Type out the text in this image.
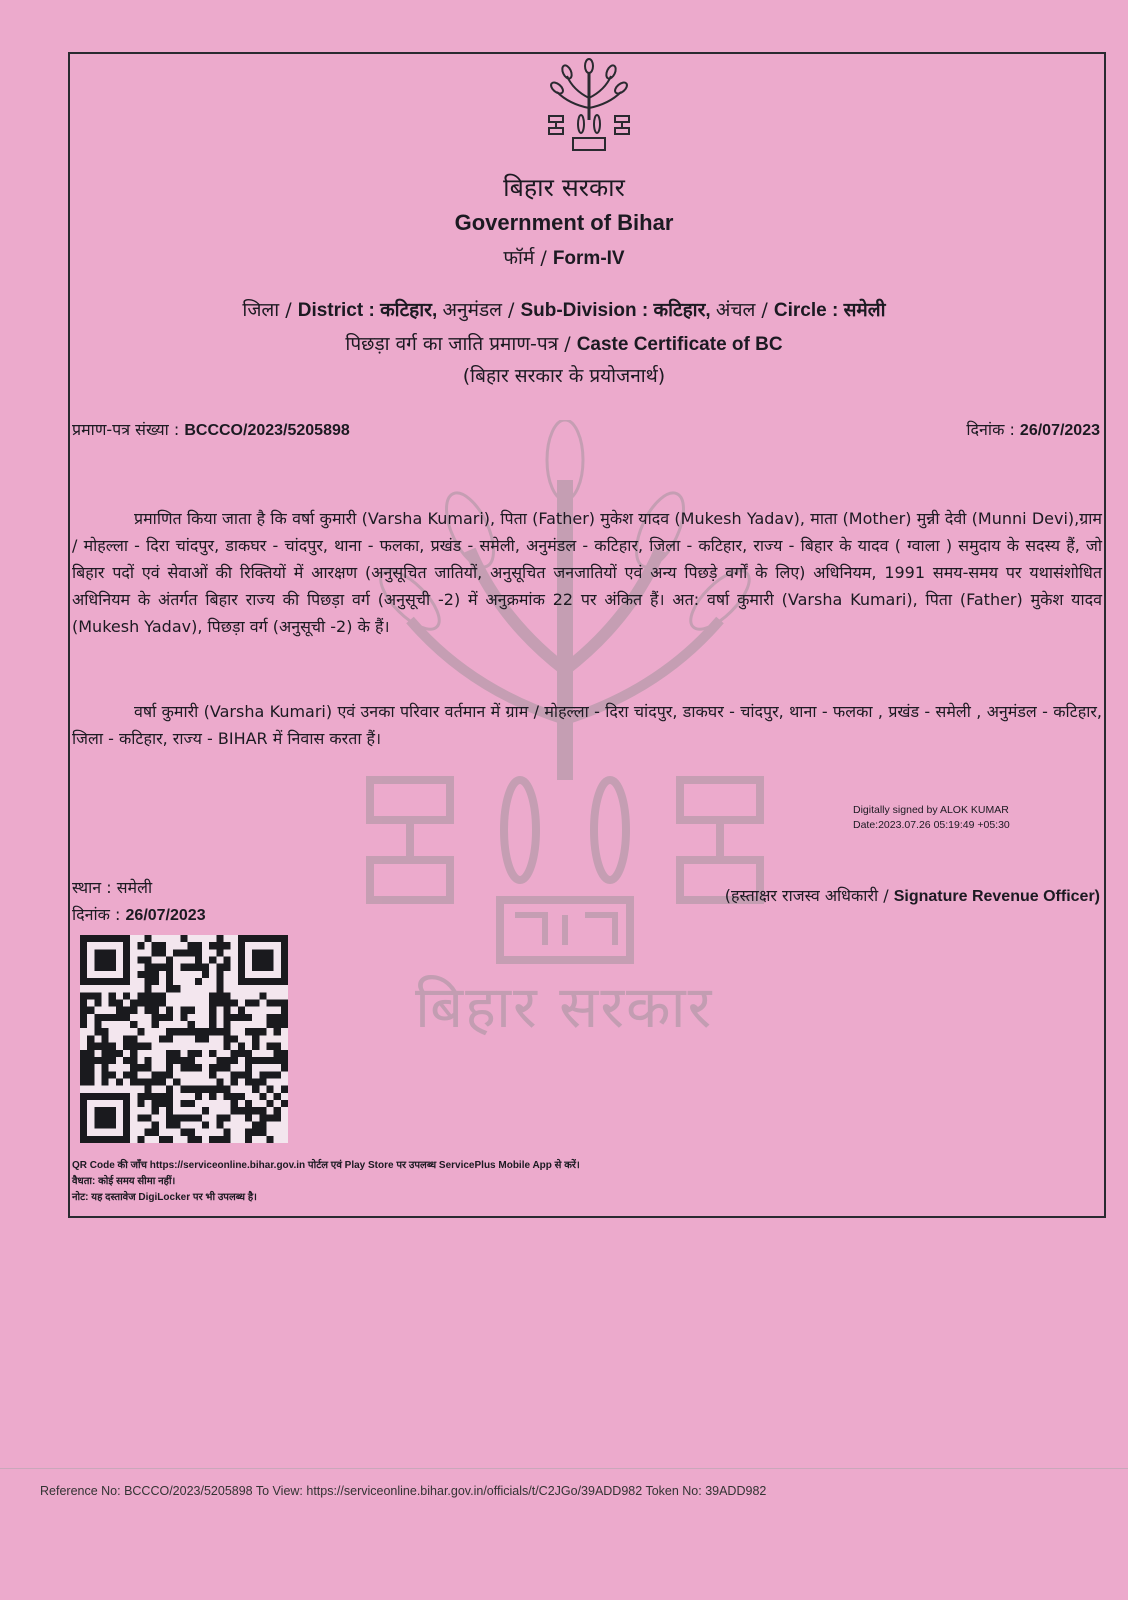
बिहार सरकार
बिहार सरकार
Government of Bihar
फॉर्म / Form-IV
जिला / District : कटिहार, अनुमंडल / Sub-Division : कटिहार, अंचल / Circle : समेली
पिछड़ा वर्ग का जाति प्रमाण-पत्र / Caste Certificate of BC
(बिहार सरकार के प्रयोजनार्थ)
प्रमाण-पत्र संख्या : BCCCO/2023/5205898	दिनांक : 26/07/2023

प्रमाणित किया जाता है कि वर्षा कुमारी (Varsha Kumari), पिता (Father) मुकेश यादव (Mukesh Yadav), माता (Mother) मुन्नी देवी (Munni Devi),ग्राम / मोहल्ला - दिरा चांदपुर, डाकघर - चांदपुर, थाना - फलका, प्रखंड - समेली, अनुमंडल - कटिहार, जिला - कटिहार, राज्य - बिहार के यादव ( ग्वाला ) समुदाय के सदस्य हैं, जो बिहार पदों एवं सेवाओं की रिक्तियों में आरक्षण (अनुसूचित जातियों, अनुसूचित जनजातियों एवं अन्य पिछड़े वर्गों के लिए) अधिनियम, 1991 समय-समय पर यथासंशोधित अधिनियम के अंतर्गत बिहार राज्य की पिछड़ा वर्ग (अनुसूची -2) में अनुक्रमांक 22 पर अंकित हैं। अत: वर्षा कुमारी (Varsha Kumari), पिता (Father) मुकेश यादव (Mukesh Yadav), पिछड़ा वर्ग (अनुसूची -2) के हैं।

वर्षा कुमारी (Varsha Kumari) एवं उनका परिवार वर्तमान में ग्राम / मोहल्ला - दिरा चांदपुर, डाकघर - चांदपुर, थाना - फलका , प्रखंड - समेली , अनुमंडल - कटिहार, जिला - कटिहार, राज्य - BIHAR में निवास करता हैं।

Digitally signed by ALOK KUMAR
Date:2023.07.26 05:19:49 +05:30
स्थान : समेली
दिनांक : 26/07/2023
(हस्ताक्षर राजस्व अधिकारी / Signature Revenue Officer)
QR Code की जाँच https://serviceonline.bihar.gov.in पोर्टल एवं Play Store पर उपलब्ध ServicePlus Mobile App से करें।
वैधता: कोई समय सीमा नहीं।
नोट: यह दस्तावेज DigiLocker पर भी उपलब्ध है।
Reference No: BCCCO/2023/5205898 To View: https://serviceonline.bihar.gov.in/officials/t/C2JGo/39ADD982 Token No: 39ADD982
